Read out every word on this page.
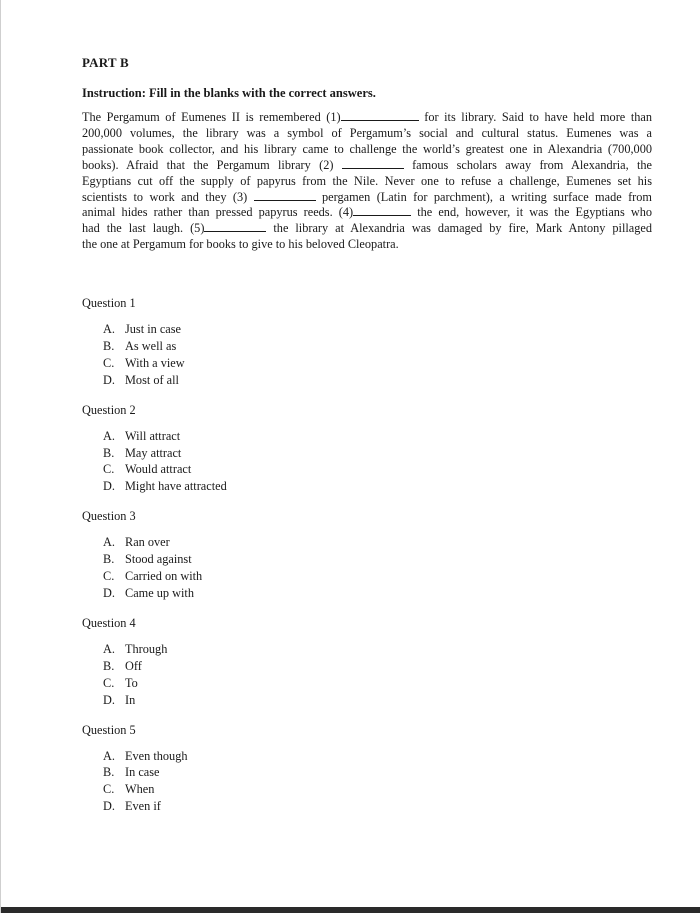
PART B
Instruction: Fill in the blanks with the correct answers.
The Pergamum of Eumenes II is remembered (1)	for its library. Said to have held more than
200,000 volumes, the library was a symbol of Pergamum’s social and cultural status. Eumenes was a
passionate book collector, and his library came to challenge the world’s greatest one in Alexandria (700,000
books). Afraid that the Pergamum library (2)	famous scholars away from Alexandria, the
Egyptians cut off the supply of papyrus from the Nile. Never one to refuse a challenge, Eumenes set his
scientists to work and they (3)	pergamen (Latin for parchment), a writing surface made from
animal hides rather than pressed papyrus reeds. (4)	the end, however, it was the Egyptians who
had the last laugh. (5)	the library at Alexandria was damaged by fire, Mark Antony pillaged
the one at Pergamum for books to give to his beloved Cleopatra.
Question 1
A. Just in case
B. As well as
C. With a view
D. Most of all
Question 2
A. Will attract
B. May attract
C. Would attract
D. Might have attracted
Question 3
A. Ran over
B. Stood against
C. Carried on with
D. Came up with
Question 4
A. Through
B. Off
C. To
D. In
Question 5
A. Even though
B. In case
C. When
D. Even if
